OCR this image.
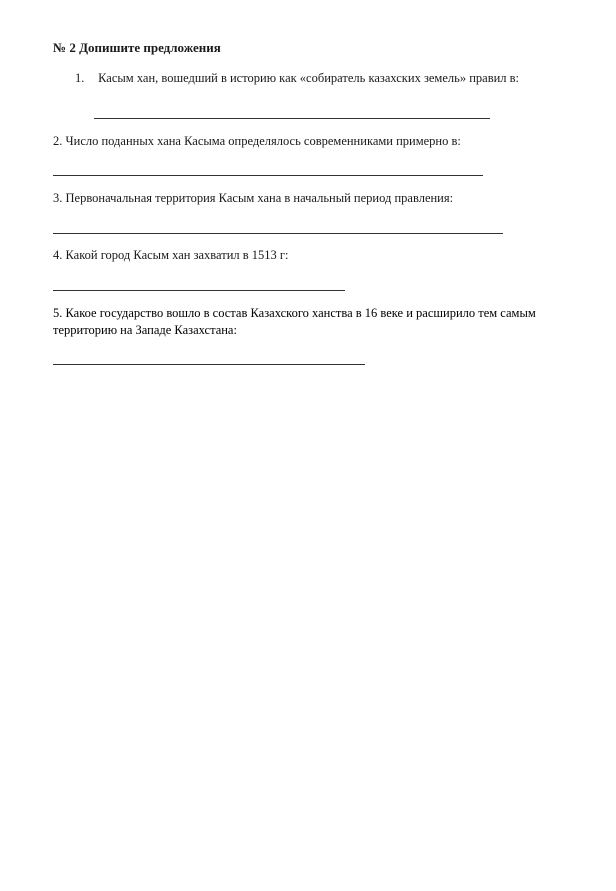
№ 2 Допишите предложения
1. Касым хан, вошедший в историю как «собиратель казахских земель» правил в:
2. Число поданных хана Касыма определялось современниками примерно в:
3. Первоначальная территория Касым хана в начальный период правления:
4. Какой город Касым хан захватил в 1513 г:
5. Какое государство вошло в состав Казахского ханства в 16 веке и расширило тем самым территорию на Западе Казахстана:
